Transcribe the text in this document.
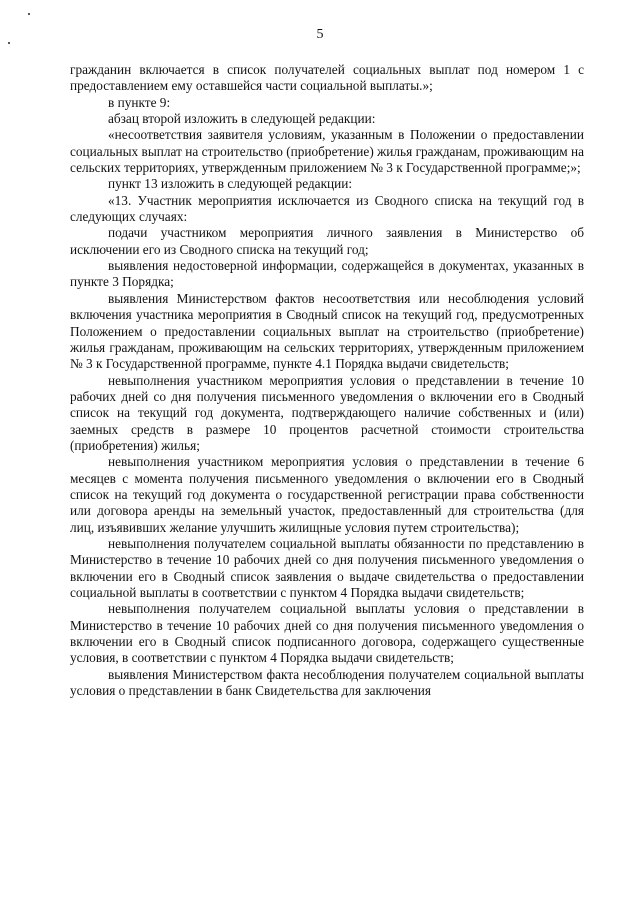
5

гражданин включается в список получателей социальных выплат под номером 1 с предоставлением ему оставшейся части социальной выплаты.»;

в пункте 9:

абзац второй изложить в следующей редакции:

«несоответствия заявителя условиям, указанным в Положении о предоставлении социальных выплат на строительство (приобретение) жилья гражданам, проживающим на сельских территориях, утвержденным приложением № 3 к Государственной программе;»;

пункт 13 изложить в следующей редакции:

«13. Участник мероприятия исключается из Сводного списка на текущий год в следующих случаях:

подачи участником мероприятия личного заявления в Министерство об исключении его из Сводного списка на текущий год;

выявления недостоверной информации, содержащейся в документах, указанных в пункте 3 Порядка;

выявления Министерством фактов несоответствия или несоблюдения условий включения участника мероприятия в Сводный список на текущий год, предусмотренных Положением о предоставлении социальных выплат на строительство (приобретение) жилья гражданам, проживающим на сельских территориях, утвержденным приложением № 3 к Государственной программе, пункте 4.1 Порядка выдачи свидетельств;

невыполнения участником мероприятия условия о представлении в течение 10 рабочих дней со дня получения письменного уведомления о включении его в Сводный список на текущий год документа, подтверждающего наличие собственных и (или) заемных средств в размере 10 процентов расчетной стоимости строительства (приобретения) жилья;

невыполнения участником мероприятия условия о представлении в течение 6 месяцев с момента получения письменного уведомления о включении его в Сводный список на текущий год документа о государственной регистрации права собственности или договора аренды на земельный участок, предоставленный для строительства (для лиц, изъявивших желание улучшить жилищные условия путем строительства);

невыполнения получателем социальной выплаты обязанности по представлению в Министерство в течение 10 рабочих дней со дня получения письменного уведомления о включении его в Сводный список заявления о выдаче свидетельства о предоставлении социальной выплаты в соответствии с пунктом 4 Порядка выдачи свидетельств;

невыполнения получателем социальной выплаты условия о представлении в Министерство в течение 10 рабочих дней со дня получения письменного уведомления о включении его в Сводный список подписанного договора, содержащего существенные условия, в соответствии с пунктом 4 Порядка выдачи свидетельств;

выявления Министерством факта несоблюдения получателем социальной выплаты условия о представлении в банк Свидетельства для заключения
